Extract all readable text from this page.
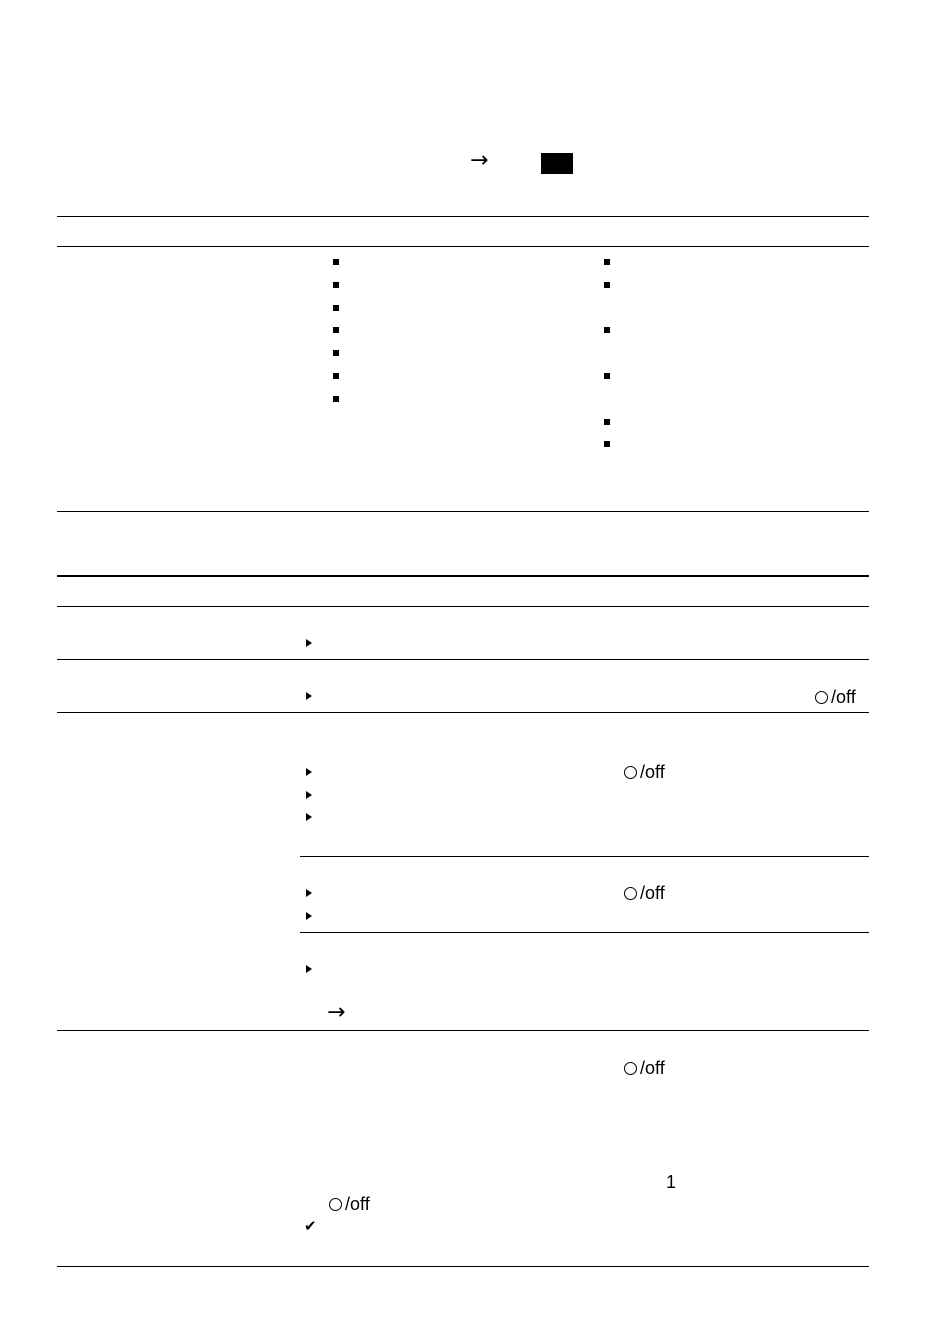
→
/off
/off
/off
→
/off
1
/off
✔
